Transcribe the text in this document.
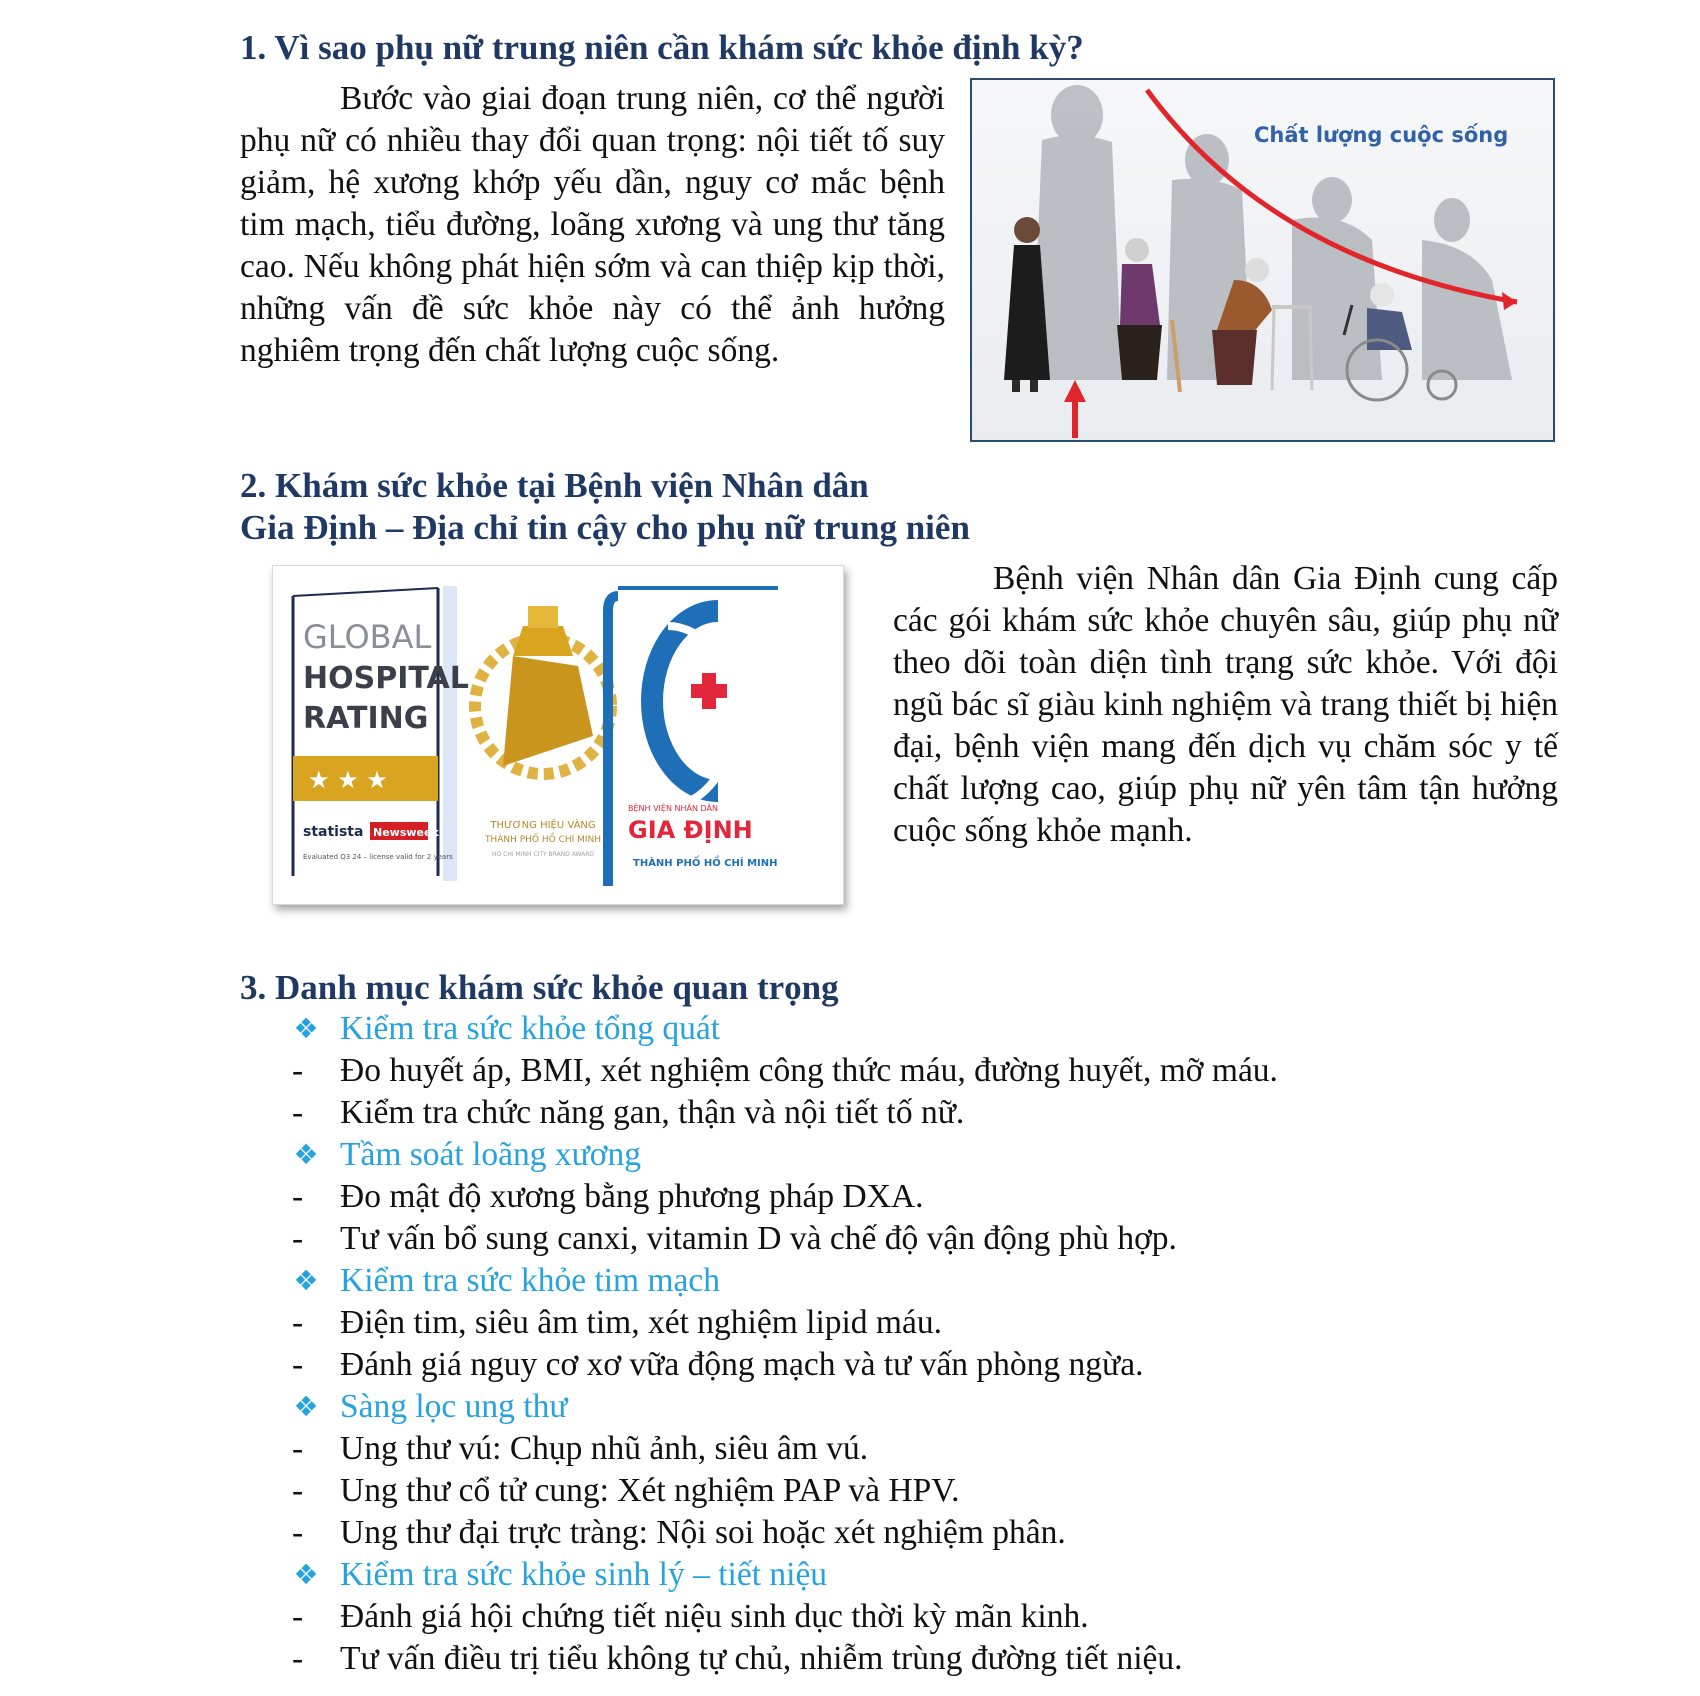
1. Vì sao phụ nữ trung niên cần khám sức khỏe định kỳ?

Bước vào giai đoạn trung niên, cơ thể người phụ nữ có nhiều thay đổi quan trọng: nội tiết tố suy giảm, hệ xương khớp yếu dần, nguy cơ mắc bệnh tim mạch, tiểu đường, loãng xương và ung thư tăng cao. Nếu không phát hiện sớm và can thiệp kịp thời, những vấn đề sức khỏe này có thể ảnh hưởng nghiêm trọng đến chất lượng cuộc sống.

Chất lượng cuộc sống
2. Khám sức khỏe tại Bệnh viện Nhân dân
Gia Định – Địa chỉ tin cậy cho phụ nữ trung niên
GLOBAL
HOSPITAL
RATING
★ ★ ★
statista Newsweek
Evaluated Q3 24 – license valid for 2 years
THƯƠNG HIỆU VÀNG
THÀNH PHỐ HỒ CHÍ MINH
HO CHI MINH CITY BRAND AWARD
BỆNH VIỆN NHÂN DÂN
GIA ĐỊNH
THÀNH PHỐ HỒ CHÍ MINH

Bệnh viện Nhân dân Gia Định cung cấp các gói khám sức khỏe chuyên sâu, giúp phụ nữ theo dõi toàn diện tình trạng sức khỏe. Với đội ngũ bác sĩ giàu kinh nghiệm và trang thiết bị hiện đại, bệnh viện mang đến dịch vụ chăm sóc y tế chất lượng cao, giúp phụ nữ yên tâm tận hưởng cuộc sống khỏe mạnh.

3. Danh mục khám sức khỏe quan trọng
❖ Kiểm tra sức khỏe tổng quát
- Đo huyết áp, BMI, xét nghiệm công thức máu, đường huyết, mỡ máu.
- Kiểm tra chức năng gan, thận và nội tiết tố nữ.
❖ Tầm soát loãng xương
- Đo mật độ xương bằng phương pháp DXA.
- Tư vấn bổ sung canxi, vitamin D và chế độ vận động phù hợp.
❖ Kiểm tra sức khỏe tim mạch
- Điện tim, siêu âm tim, xét nghiệm lipid máu.
- Đánh giá nguy cơ xơ vữa động mạch và tư vấn phòng ngừa.
❖ Sàng lọc ung thư
- Ung thư vú: Chụp nhũ ảnh, siêu âm vú.
- Ung thư cổ tử cung: Xét nghiệm PAP và HPV.
- Ung thư đại trực tràng: Nội soi hoặc xét nghiệm phân.
❖ Kiểm tra sức khỏe sinh lý – tiết niệu
- Đánh giá hội chứng tiết niệu sinh dục thời kỳ mãn kinh.
- Tư vấn điều trị tiểu không tự chủ, nhiễm trùng đường tiết niệu.
